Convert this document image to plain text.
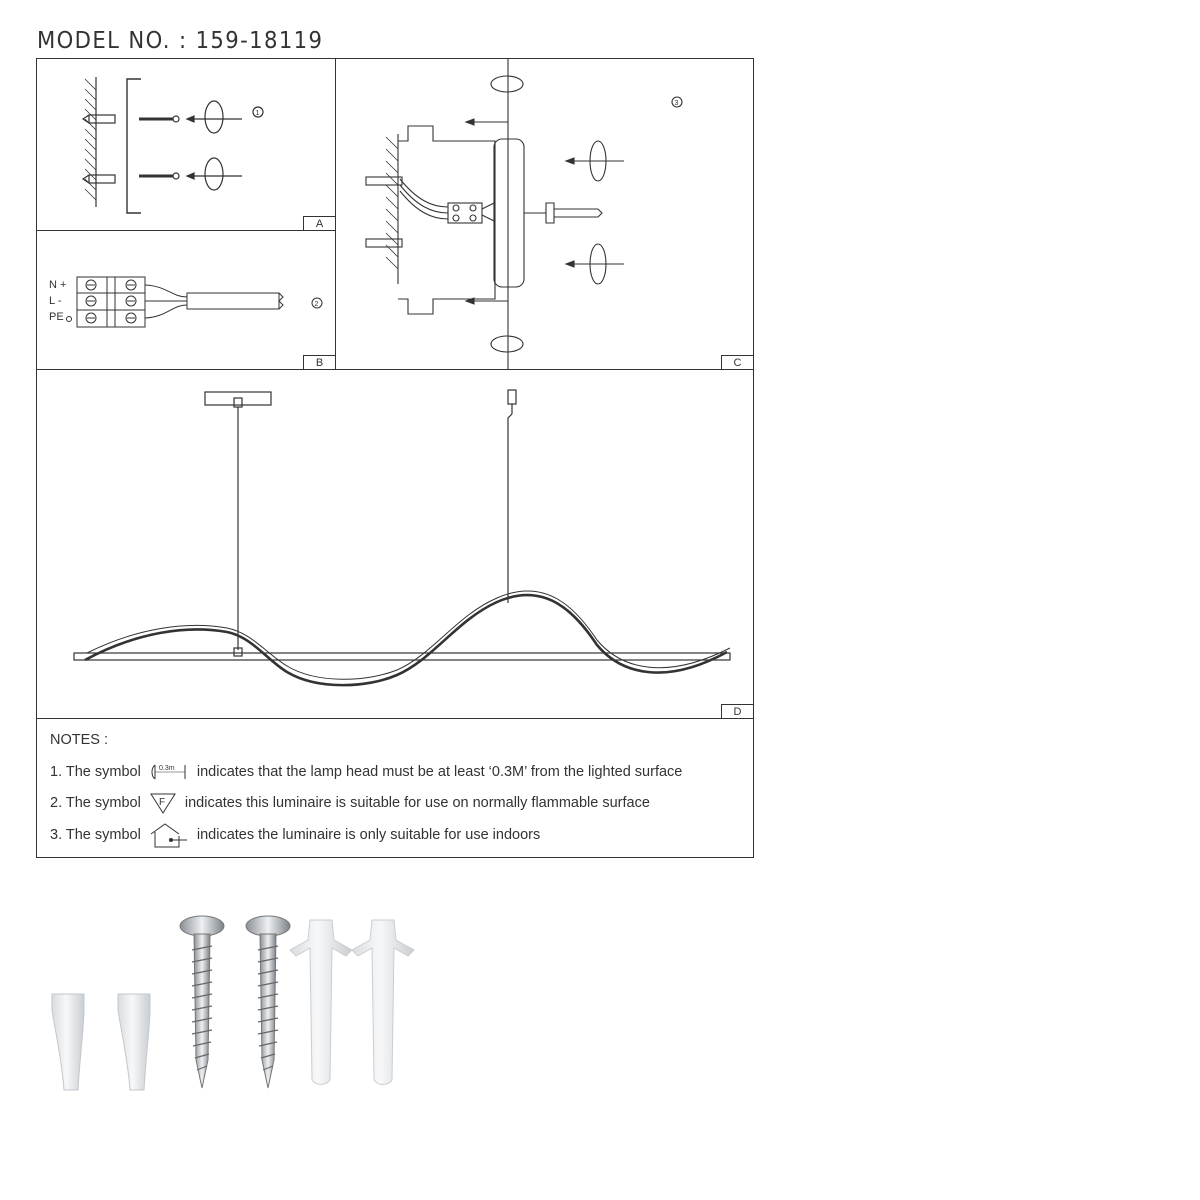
MODEL NO. : 159-18119
1
A
N +
L -
PE
2
B
3
C
D
NOTES :
1. The symbol	0.3m indicates that the lamp head must be at least ‘0.3M’ from the lighted surface
2. The symbol F indicates this luminaire is suitable for use on normally flammable surface
3. The symbol	indicates the luminaire is only suitable for use indoors
